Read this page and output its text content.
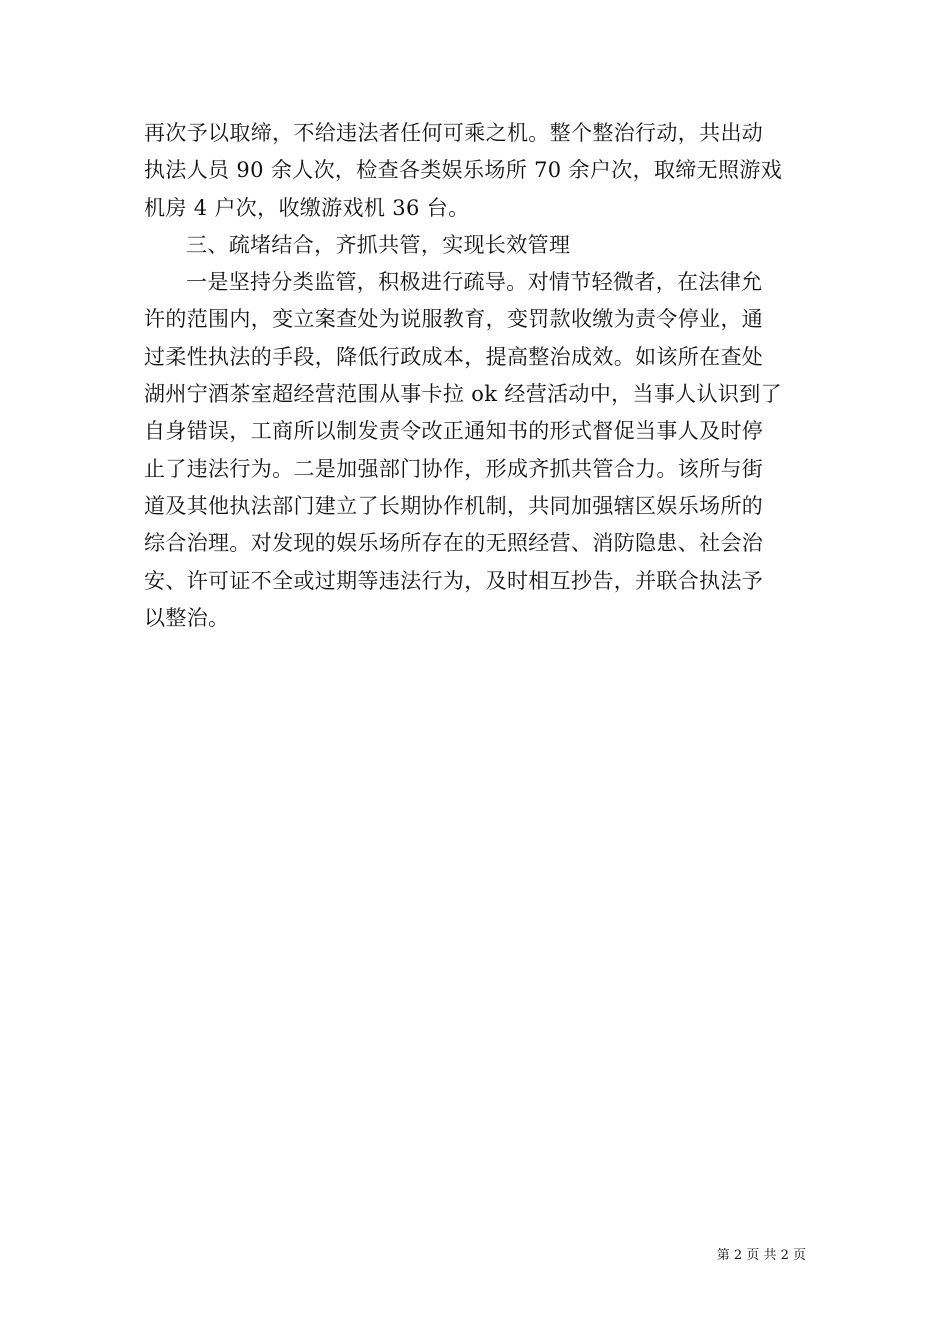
再次予以取缔，不给违法者任何可乘之机。整个整治行动，共出动
执法人员 90 余人次，检查各类娱乐场所 70 余户次，取缔无照游戏
机房 4 户次，收缴游戏机 36 台。
三、疏堵结合，齐抓共管，实现长效管理
一是坚持分类监管，积极进行疏导。对情节轻微者，在法律允
许的范围内，变立案查处为说服教育，变罚款收缴为责令停业，通
过柔性执法的手段，降低行政成本，提高整治成效。如该所在查处
湖州宁酒茶室超经营范围从事卡拉 ok 经营活动中，当事人认识到了
自身错误，工商所以制发责令改正通知书的形式督促当事人及时停
止了违法行为。二是加强部门协作，形成齐抓共管合力。该所与街
道及其他执法部门建立了长期协作机制，共同加强辖区娱乐场所的
综合治理。对发现的娱乐场所存在的无照经营、消防隐患、社会治
安、许可证不全或过期等违法行为，及时相互抄告，并联合执法予
以整治。
第 2 页 共 2 页
